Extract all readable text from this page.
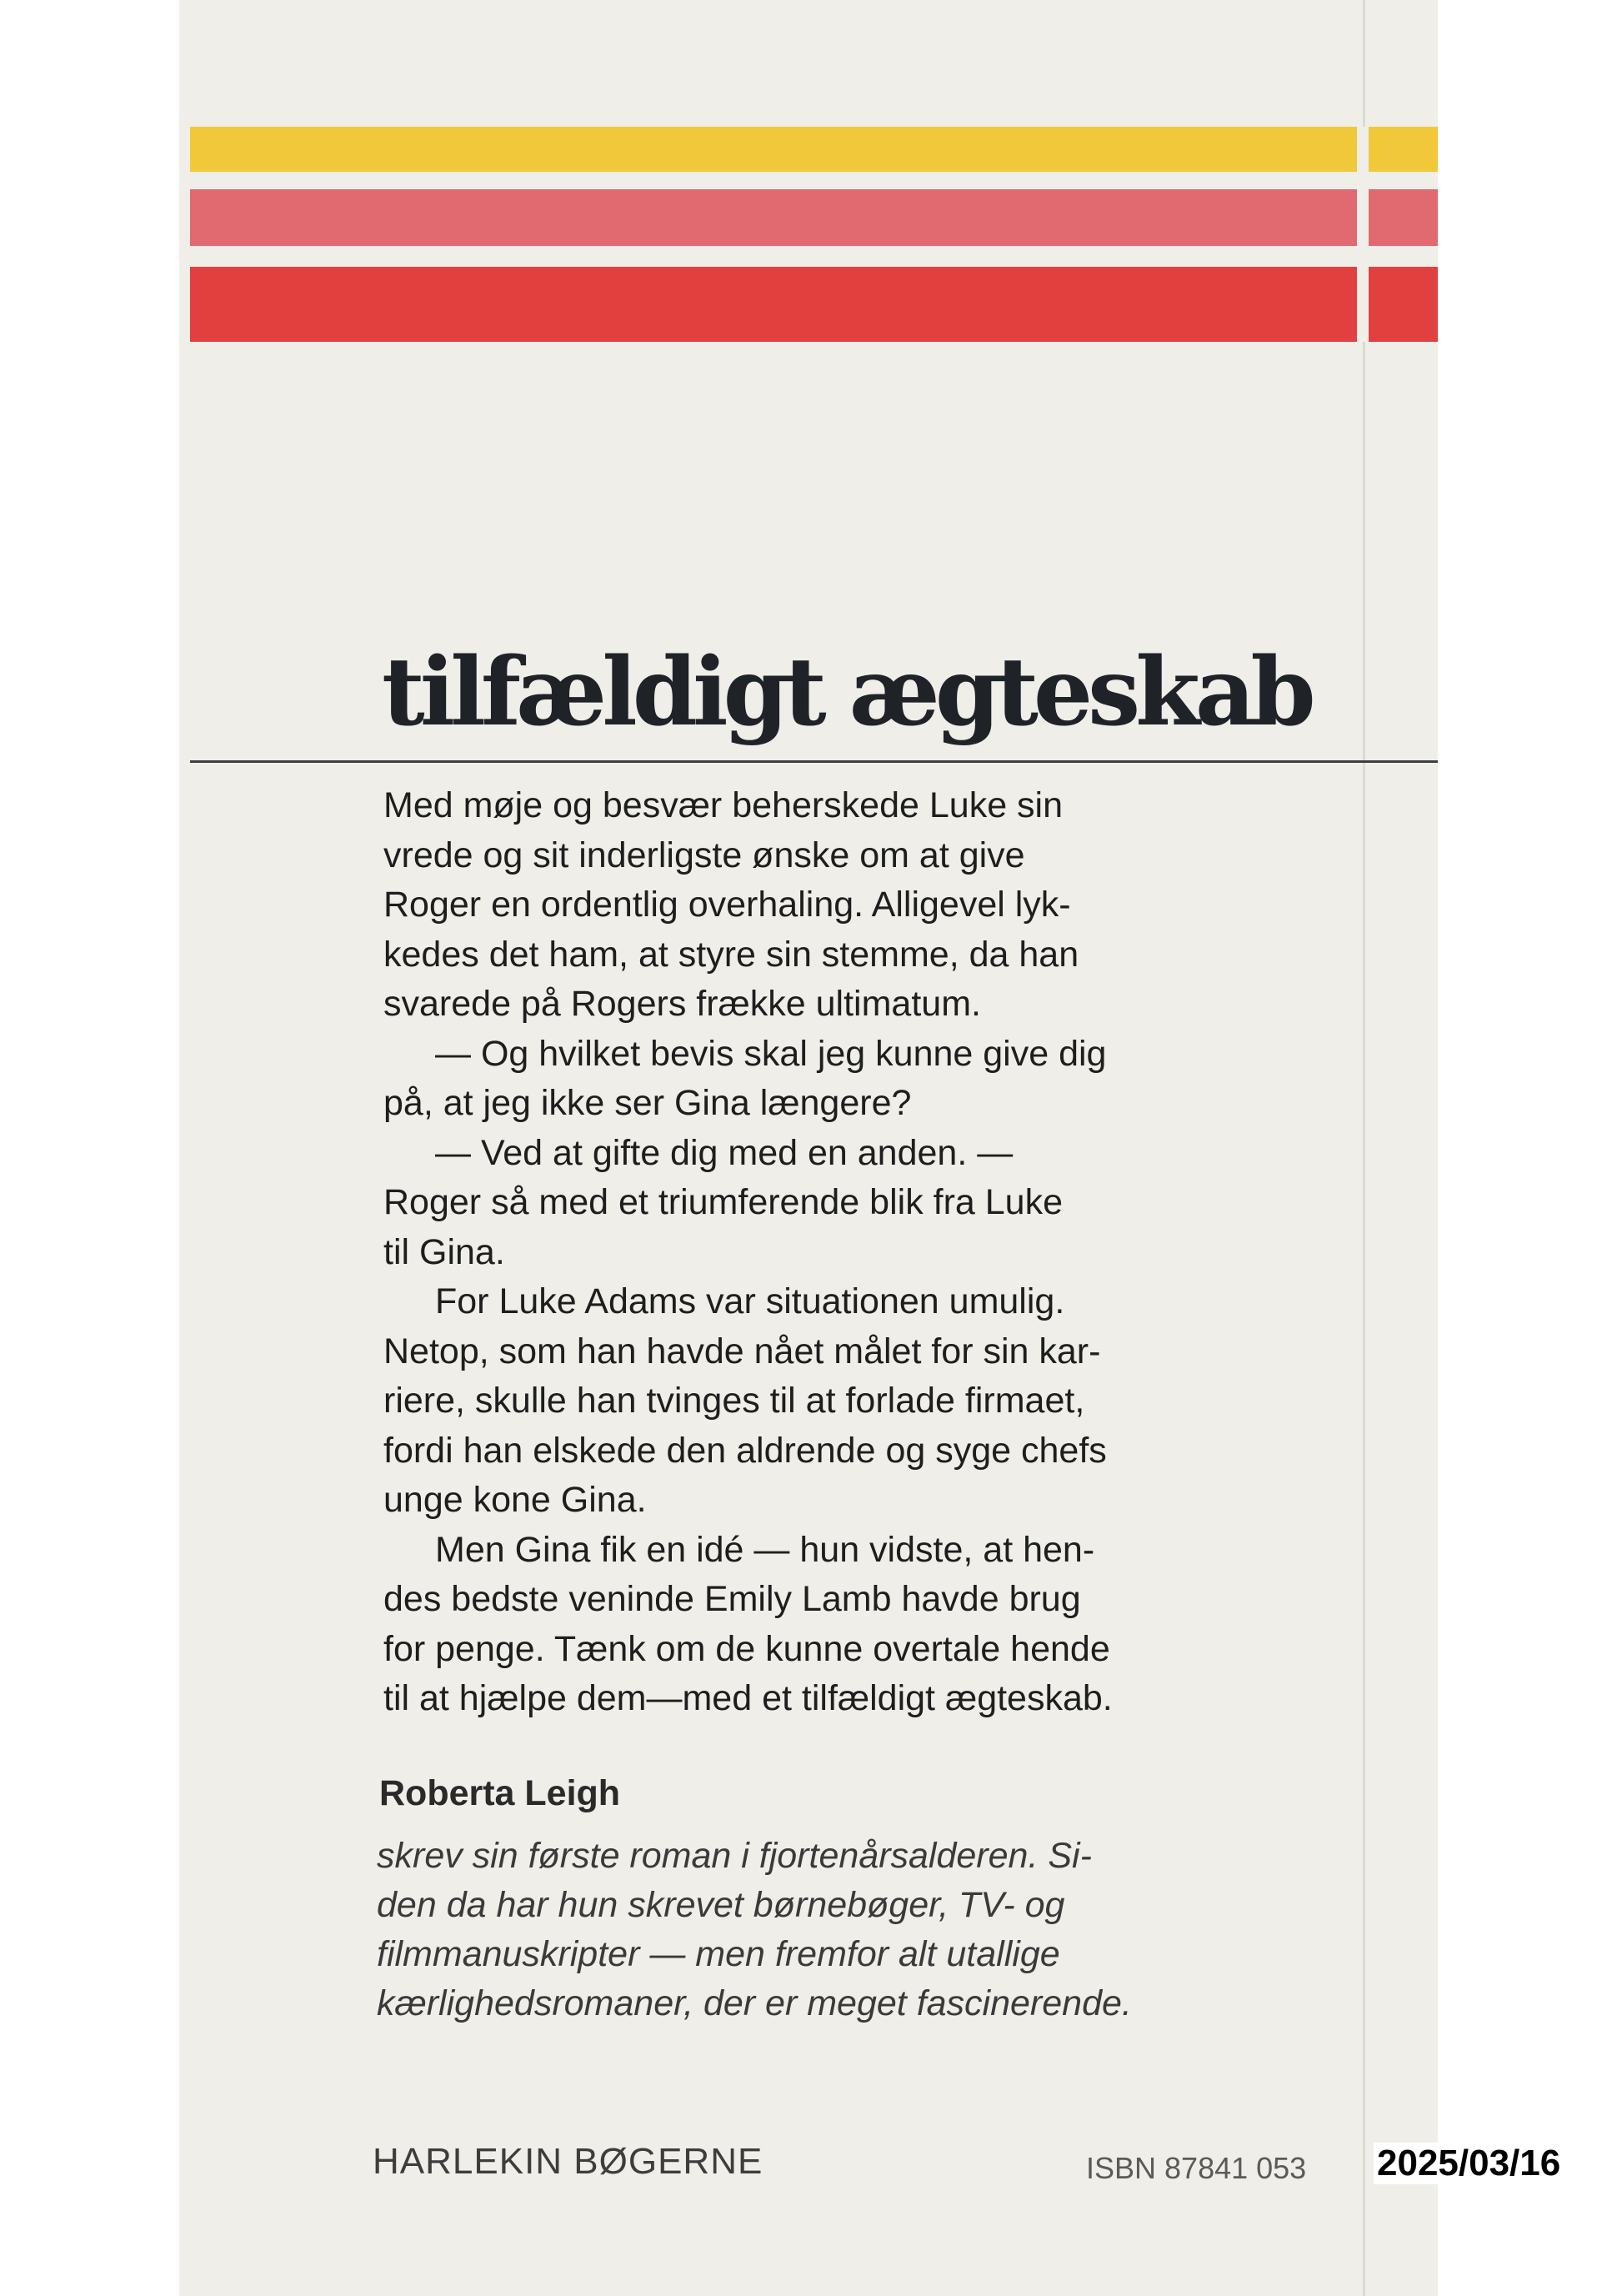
tilfældigt ægteskab

Med møje og besvær beherskede Luke sin
vrede og sit inderligste ønske om at give
Roger en ordentlig overhaling. Alligevel lyk-
kedes det ham, at styre sin stemme, da han
svarede på Rogers frække ultimatum.

— Og hvilket bevis skal jeg kunne give dig
på, at jeg ikke ser Gina længere?

— Ved at gifte dig med en anden. —
Roger så med et triumferende blik fra Luke
til Gina.

For Luke Adams var situationen umulig.
Netop, som han havde nået målet for sin kar-
riere, skulle han tvinges til at forlade firmaet,
fordi han elskede den aldrende og syge chefs
unge kone Gina.

Men Gina fik en idé — hun vidste, at hen-
des bedste veninde Emily Lamb havde brug
for penge. Tænk om de kunne overtale hende
til at hjælpe dem—med et tilfældigt ægteskab.

Roberta Leigh
skrev sin første roman i fjortenårsalderen. Si-
den da har hun skrevet børnebøger, TV- og
filmmanuskripter — men fremfor alt utallige
kærlighedsromaner, der er meget fascinerende.
HARLEKIN BØGERNE	ISBN 87841 053 2025/03/16
